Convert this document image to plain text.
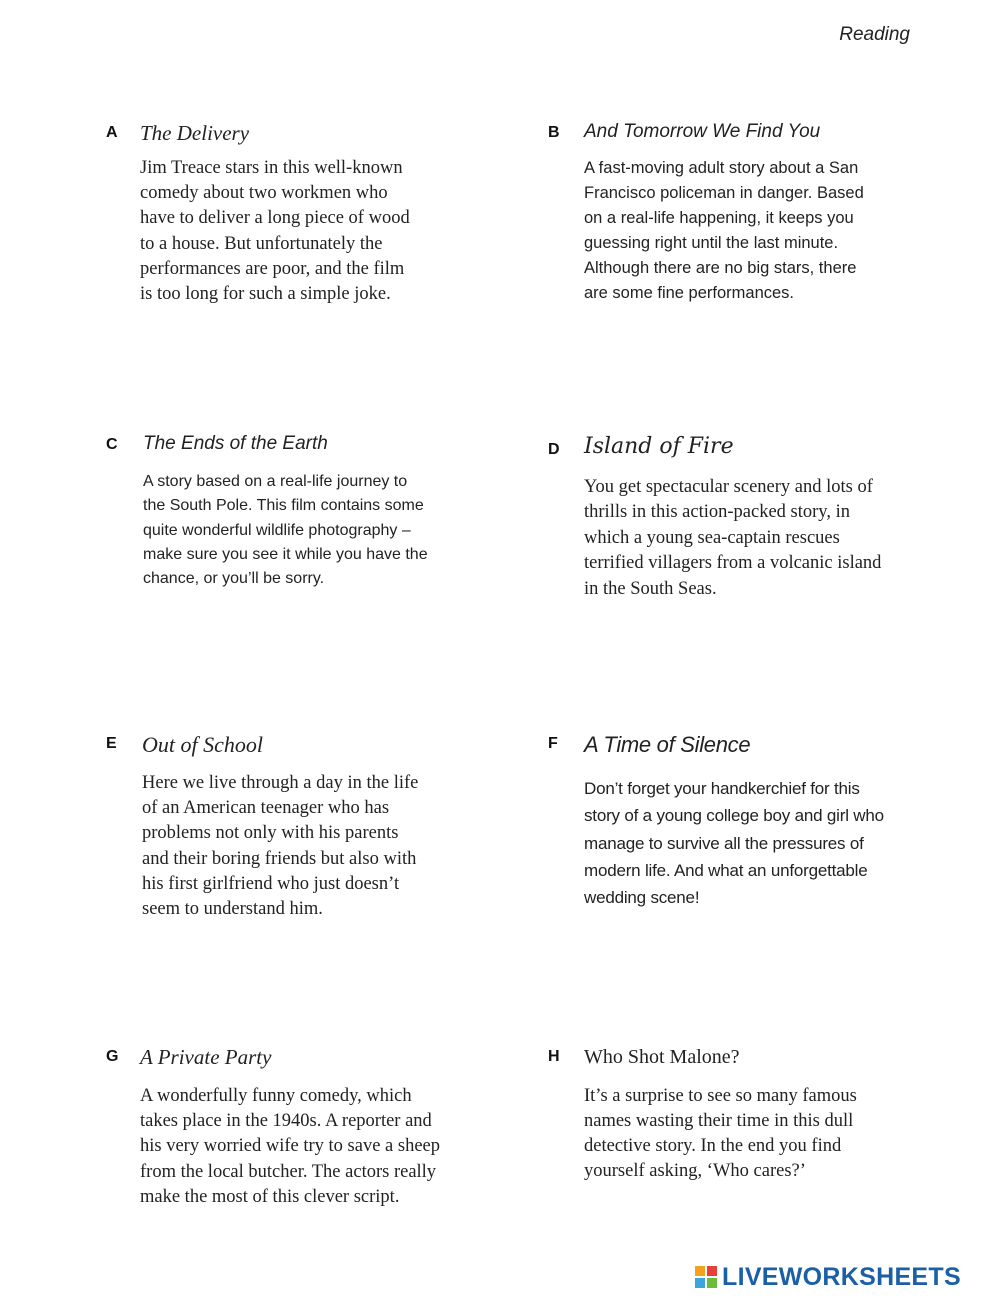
Reading
A The Delivery
Jim Treace stars in this well-known
comedy about two workmen who
have to deliver a long piece of wood
to a house. But unfortunately the
performances are poor, and the film
is too long for such a simple joke.
B And Tomorrow We Find You
A fast-moving adult story about a San
Francisco policeman in danger. Based
on a real-life happening, it keeps you
guessing right until the last minute.
Although there are no big stars, there
are some fine performances.
C The Ends of the Earth
A story based on a real-life journey to
the South Pole. This film contains some
quite wonderful wildlife photography –
make sure you see it while you have the
chance, or you’ll be sorry.
D Island of Fire
You get spectacular scenery and lots of
thrills in this action-packed story, in
which a young sea-captain rescues
terrified villagers from a volcanic island
in the South Seas.
E Out of School
Here we live through a day in the life
of an American teenager who has
problems not only with his parents
and their boring friends but also with
his first girlfriend who just doesn’t
seem to understand him.
F A Time of Silence
Don’t forget your handkerchief for this
story of a young college boy and girl who
manage to survive all the pressures of
modern life. And what an unforgettable
wedding scene!
G A Private Party
A wonderfully funny comedy, which
takes place in the 1940s. A reporter and
his very worried wife try to save a sheep
from the local butcher. The actors really
make the most of this clever script.
H Who Shot Malone?
It’s a surprise to see so many famous
names wasting their time in this dull
detective story. In the end you find
yourself asking, ‘Who cares?’
LIVEWORKSHEETS
